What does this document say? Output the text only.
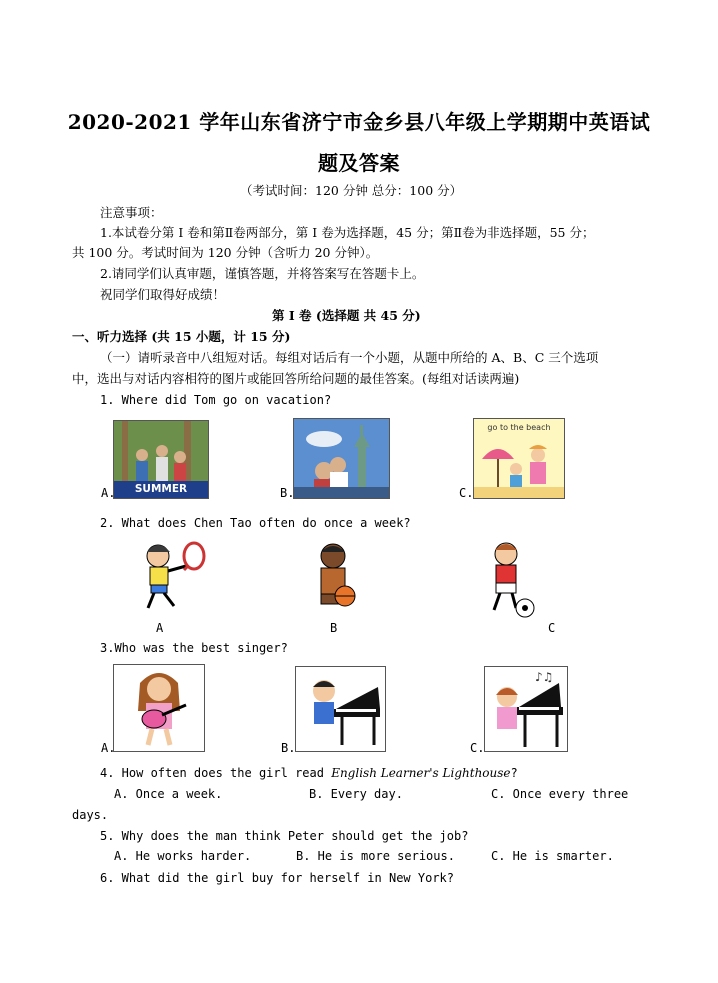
2020-2021 学年山东省济宁市金乡县八年级上学期期中英语试
题及答案
（考试时间：120 分钟 总分：100 分）
注意事项：
1.本试卷分第 I 卷和第Ⅱ卷两部分，第 I 卷为选择题，45 分；第Ⅱ卷为非选择题，55 分；
共 100 分。考试时间为 120 分钟（含听力 20 分钟）。
2.请同学们认真审题，谨慎答题，并将答案写在答题卡上。
祝同学们取得好成绩！
第 I 卷 (选择题 共 45 分)
一、听力选择 (共 15 小题，计 15 分)
（一）请听录音中八组短对话。每组对话后有一个小题，从题中所给的 A、B、C 三个选项
中，选出与对话内容相符的图片或能回答所给问题的最佳答案。(每组对话读两遍)
1. Where did Tom go on vacation?
SUMMER CAMPS
A.	B.
go to the beach
C.
2. What does Chen Tao often do once a week?
A	B	C
3.Who was the best singer?
A.	B.
♪♫
C.
4. How often does the girl read English Learner's Lighthouse?
A. Once a week.	B. Every day.	C. Once every three
days.
5. Why does the man think Peter should get the job?
A. He works harder.	B. He is more serious.	C. He is smarter.
6. What did the girl buy for herself in New York?
